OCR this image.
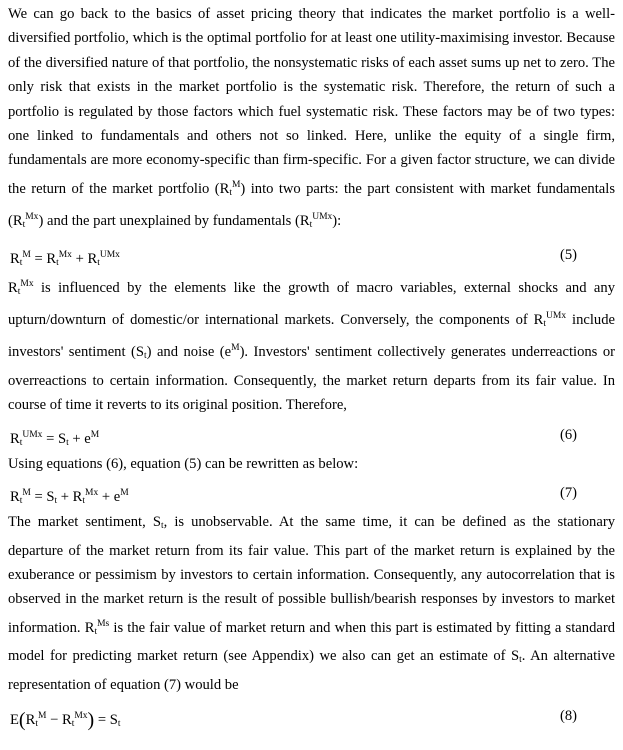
We can go back to the basics of asset pricing theory that indicates the market portfolio is a well-diversified portfolio, which is the optimal portfolio for at least one utility-maximising investor. Because of the diversified nature of that portfolio, the nonsystematic risks of each asset sums up net to zero. The only risk that exists in the market portfolio is the systematic risk. Therefore, the return of such a portfolio is regulated by those factors which fuel systematic risk. These factors may be of two types: one linked to fundamentals and others not so linked. Here, unlike the equity of a single firm, fundamentals are more economy-specific than firm-specific. For a given factor structure, we can divide the return of the market portfolio $(R_t^M)$ into two parts: the part consistent with market fundamentals $(R_t^{Mx})$ and the part unexplained by fundamentals $(R_t^{UMx})$:

$R_t^M = R_t^{Mx} + R_t^{UMx}$	(5)

$R_t^{Mx}$ is influenced by the elements like the growth of macro variables, external shocks and any upturn/downturn of domestic/or international markets. Conversely, the components of $R_t^{UMx}$ include investors' sentiment $(S_t)$ and noise $(e^M)$. Investors' sentiment collectively generates underreactions or overreactions to certain information. Consequently, the market return departs from its fair value. In course of time it reverts to its original position. Therefore,

$R_t^{UMx} = S_t + e^M$	(6)

Using equations (6), equation (5) can be rewritten as below:

$R_t^M = S_t + R_t^{Mx} + e^M$	(7)

The market sentiment, $S_t$, is unobservable. At the same time, it can be defined as the stationary departure of the market return from its fair value. This part of the market return is explained by the exuberance or pessimism by investors to certain information. Consequently, any autocorrelation that is observed in the market return is the result of possible bullish/bearish responses by investors to market information. $R_t^{Ms}$ is the fair value of market return and when this part is estimated by fitting a standard model for predicting market return (see Appendix) we also can get an estimate of $S_t$. An alternative representation of equation (7) would be

$E(R_t^M - R_t^{Mx}) = S_t$	(8)
